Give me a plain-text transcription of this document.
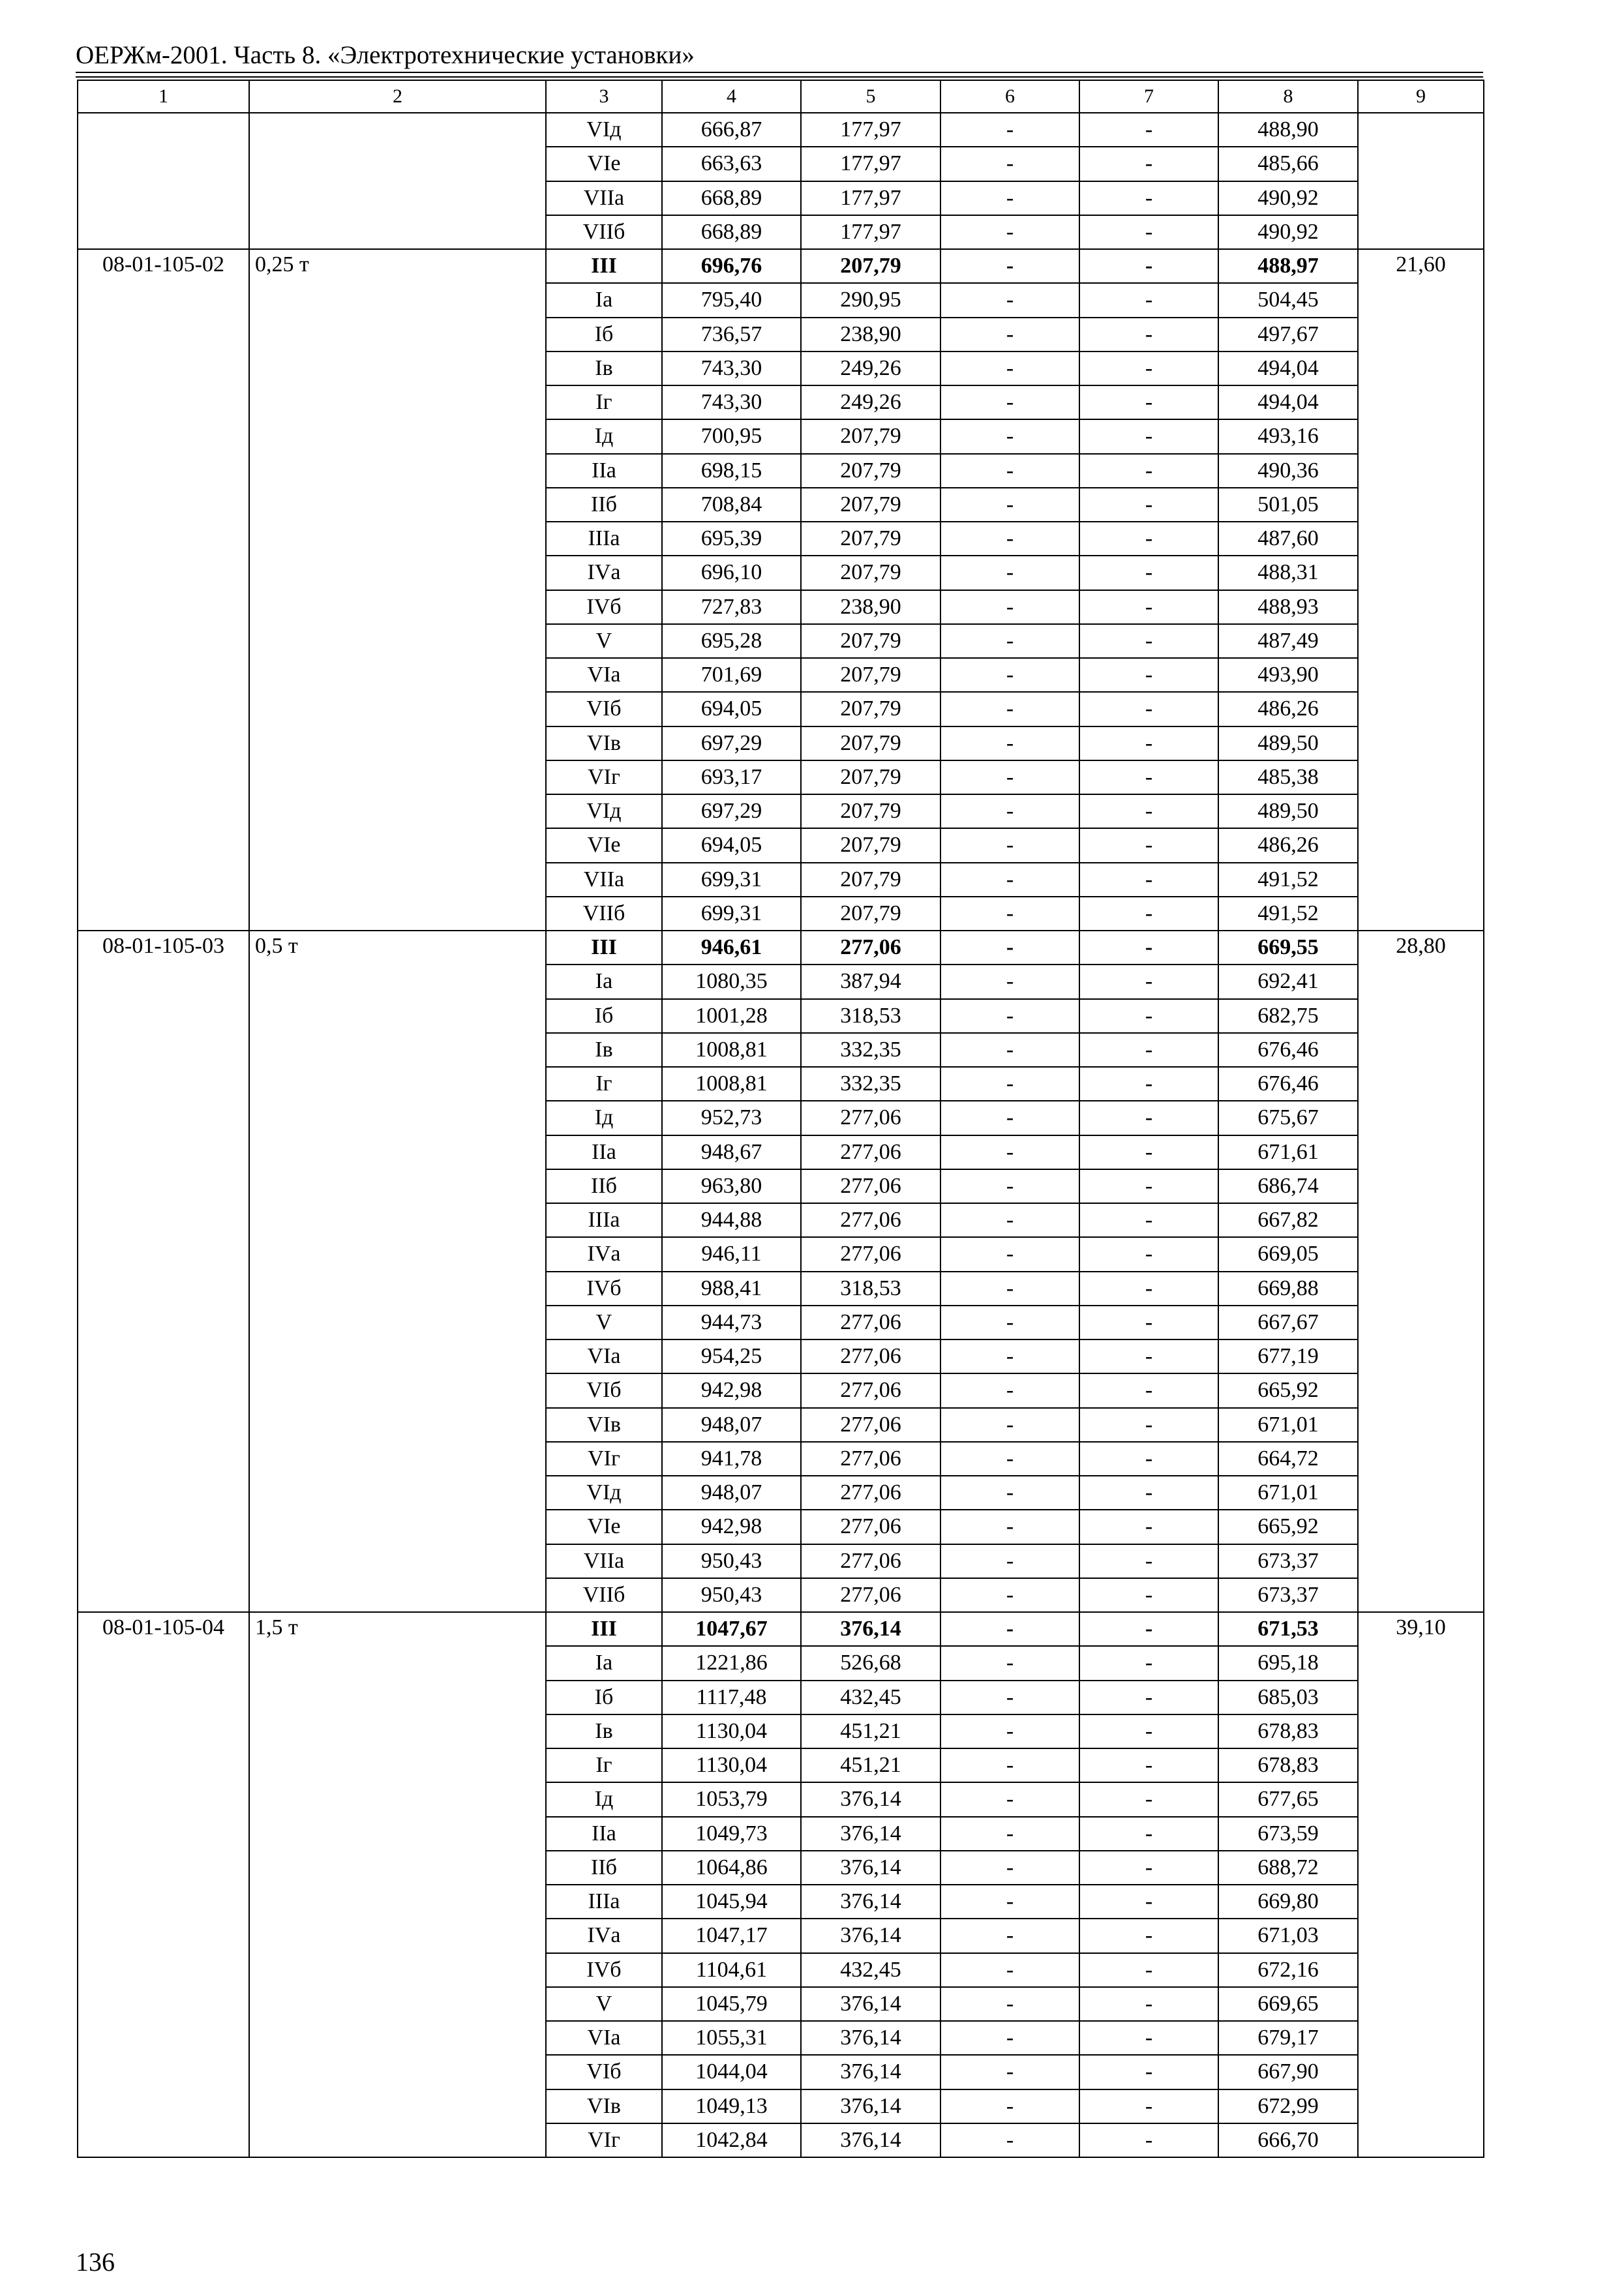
ОЕРЖм-2001. Часть 8. «Электротехнические установки»
1	2	3	4	5	6	7	8	9
		VIд	666,87	177,97	-	-	488,90	
		VIе	663,63	177,97	-	-	485,66	
		VIIа	668,89	177,97	-	-	490,92	
		VIIб	668,89	177,97	-	-	490,92	
08-01-105-02	0,25 т	III	696,76	207,79	-	-	488,97	21,60
		Iа	795,40	290,95	-	-	504,45	
		Iб	736,57	238,90	-	-	497,67	
		Iв	743,30	249,26	-	-	494,04	
		Iг	743,30	249,26	-	-	494,04	
		Iд	700,95	207,79	-	-	493,16	
		IIа	698,15	207,79	-	-	490,36	
		IIб	708,84	207,79	-	-	501,05	
		IIIа	695,39	207,79	-	-	487,60	
		IVа	696,10	207,79	-	-	488,31	
		IVб	727,83	238,90	-	-	488,93	
		V	695,28	207,79	-	-	487,49	
		VIа	701,69	207,79	-	-	493,90	
		VIб	694,05	207,79	-	-	486,26	
		VIв	697,29	207,79	-	-	489,50	
		VIг	693,17	207,79	-	-	485,38	
		VIд	697,29	207,79	-	-	489,50	
		VIе	694,05	207,79	-	-	486,26	
		VIIа	699,31	207,79	-	-	491,52	
		VIIб	699,31	207,79	-	-	491,52	
08-01-105-03	0,5 т	III	946,61	277,06	-	-	669,55	28,80
		Iа	1080,35	387,94	-	-	692,41	
		Iб	1001,28	318,53	-	-	682,75	
		Iв	1008,81	332,35	-	-	676,46	
		Iг	1008,81	332,35	-	-	676,46	
		Iд	952,73	277,06	-	-	675,67	
		IIа	948,67	277,06	-	-	671,61	
		IIб	963,80	277,06	-	-	686,74	
		IIIа	944,88	277,06	-	-	667,82	
		IVа	946,11	277,06	-	-	669,05	
		IVб	988,41	318,53	-	-	669,88	
		V	944,73	277,06	-	-	667,67	
		VIа	954,25	277,06	-	-	677,19	
		VIб	942,98	277,06	-	-	665,92	
		VIв	948,07	277,06	-	-	671,01	
		VIг	941,78	277,06	-	-	664,72	
		VIд	948,07	277,06	-	-	671,01	
		VIе	942,98	277,06	-	-	665,92	
		VIIа	950,43	277,06	-	-	673,37	
		VIIб	950,43	277,06	-	-	673,37	
08-01-105-04	1,5 т	III	1047,67	376,14	-	-	671,53	39,10
		Iа	1221,86	526,68	-	-	695,18	
		Iб	1117,48	432,45	-	-	685,03	
		Iв	1130,04	451,21	-	-	678,83	
		Iг	1130,04	451,21	-	-	678,83	
		Iд	1053,79	376,14	-	-	677,65	
		IIа	1049,73	376,14	-	-	673,59	
		IIб	1064,86	376,14	-	-	688,72	
		IIIа	1045,94	376,14	-	-	669,80	
		IVа	1047,17	376,14	-	-	671,03	
		IVб	1104,61	432,45	-	-	672,16	
		V	1045,79	376,14	-	-	669,65	
		VIа	1055,31	376,14	-	-	679,17	
		VIб	1044,04	376,14	-	-	667,90	
		VIв	1049,13	376,14	-	-	672,99	
		VIг	1042,84	376,14	-	-	666,70	
136
